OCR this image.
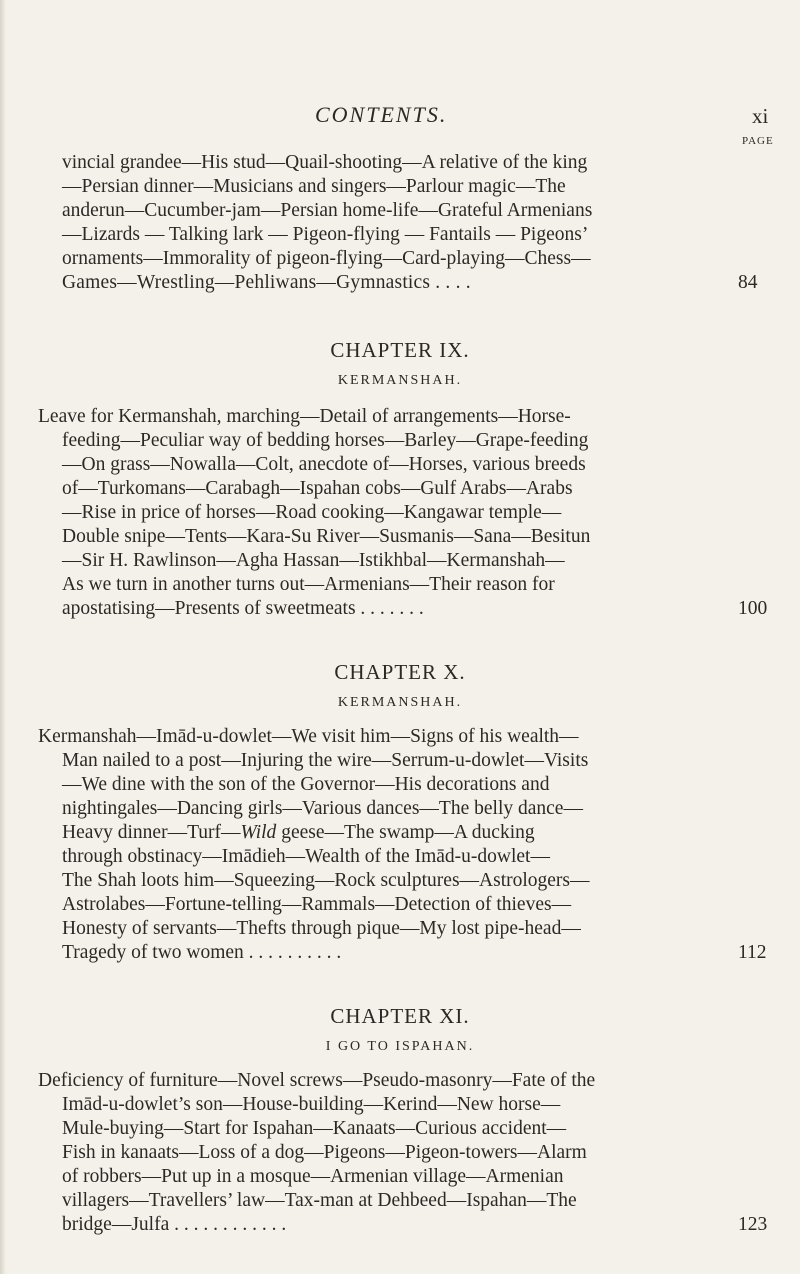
CONTENTS.	xi
PAGE
vincial grandee—His stud—Quail-shooting—A relative of the king
—Persian dinner—Musicians and singers—Parlour magic—The
anderun—Cucumber-jam—Persian home-life—Grateful Armenians
—Lizards — Talking lark — Pigeon-flying — Fantails — Pigeons’
ornaments—Immorality of pigeon-flying—Card-playing—Chess—
Games—Wrestling—Pehliwans—Gymnastics . . . .	84
CHAPTER IX.
KERMANSHAH.
Leave for Kermanshah, marching—Detail of arrangements—Horse-
feeding—Peculiar way of bedding horses—Barley—Grape-feeding
—On grass—Nowalla—Colt, anecdote of—Horses, various breeds
of—Turkomans—Carabagh—Ispahan cobs—Gulf Arabs—Arabs
—Rise in price of horses—Road cooking—Kangawar temple—
Double snipe—Tents—Kara-Su River—Susmanis—Sana—Besitun
—Sir H. Rawlinson—Agha Hassan—Istikhbal—Kermanshah—
As we turn in another turns out—Armenians—Their reason for
apostatising—Presents of sweetmeats . . . . . . .	100
CHAPTER X.
KERMANSHAH.
Kermanshah—Imād-u-dowlet—We visit him—Signs of his wealth—
Man nailed to a post—Injuring the wire—Serrum-u-dowlet—Visits
—We dine with the son of the Governor—His decorations and
nightingales—Dancing girls—Various dances—The belly dance—
Heavy dinner—Turf—Wild geese—The swamp—A ducking
through obstinacy—Imādieh—Wealth of the Imād-u-dowlet—
The Shah loots him—Squeezing—Rock sculptures—Astrologers—
Astrolabes—Fortune-telling—Rammals—Detection of thieves—
Honesty of servants—Thefts through pique—My lost pipe-head—
Tragedy of two women . . . . . . . . . .	112
CHAPTER XI.
I GO TO ISPAHAN.
Deficiency of furniture—Novel screws—Pseudo-masonry—Fate of the
Imād-u-dowlet’s son—House-building—Kerind—New horse—
Mule-buying—Start for Ispahan—Kanaats—Curious accident—
Fish in kanaats—Loss of a dog—Pigeons—Pigeon-towers—Alarm
of robbers—Put up in a mosque—Armenian village—Armenian
villagers—Travellers’ law—Tax-man at Dehbeed—Ispahan—The
bridge—Julfa . . . . . . . . . . . .	123
